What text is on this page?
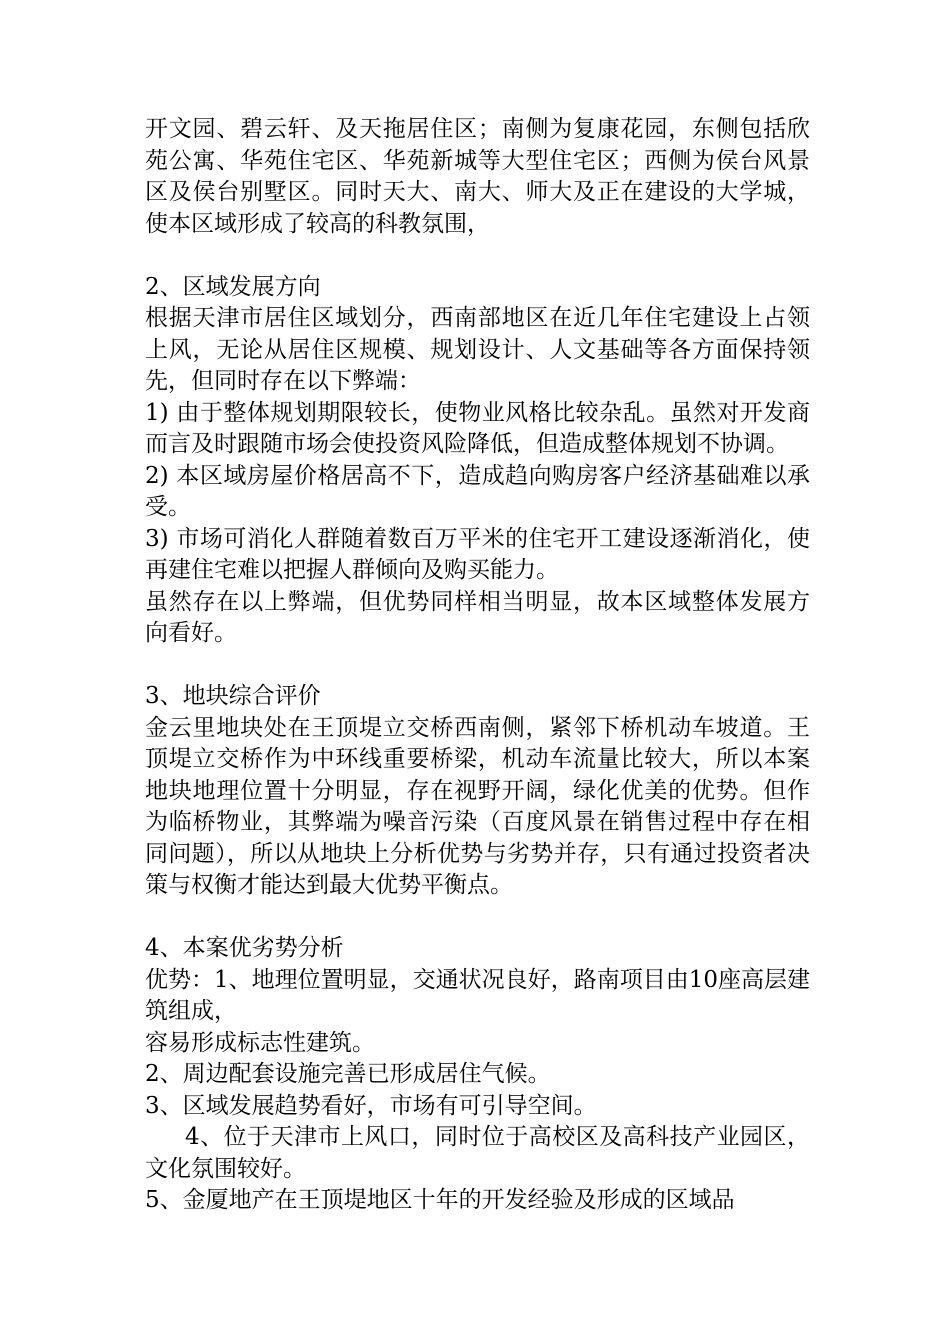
开文园、碧云轩、及天拖居住区；南侧为复康花园，东侧包括欣苑公寓、华苑住宅区、华苑新城等大型住宅区；西侧为侯台风景区及侯台别墅区。同时天大、南大、师大及正在建设的大学城，使本区域形成了较高的科教氛围，

2、区域发展方向

根据天津市居住区域划分，西南部地区在近几年住宅建设上占领上风，无论从居住区规模、规划设计、人文基础等各方面保持领先，但同时存在以下弊端：

1) 由于整体规划期限较长，使物业风格比较杂乱。虽然对开发商而言及时跟随市场会使投资风险降低，但造成整体规划不协调。

2) 本区域房屋价格居高不下，造成趋向购房客户经济基础难以承受。

3) 市场可消化人群随着数百万平米的住宅开工建设逐渐消化，使再建住宅难以把握人群倾向及购买能力。

虽然存在以上弊端，但优势同样相当明显，故本区域整体发展方向看好。

3、地块综合评价

金云里地块处在王顶堤立交桥西南侧，紧邻下桥机动车坡道。王顶堤立交桥作为中环线重要桥梁，机动车流量比较大，所以本案地块地理位置十分明显，存在视野开阔，绿化优美的优势。但作为临桥物业，其弊端为噪音污染（百度风景在销售过程中存在相同问题），所以从地块上分析优势与劣势并存，只有通过投资者决策与权衡才能达到最大优势平衡点。

4、本案优劣势分析

优势：1、地理位置明显，交通状况良好，路南项目由10座高层建筑组成，

容易形成标志性建筑。

2、周边配套设施完善已形成居住气候。

3、区域发展趋势看好，市场有可引导空间。

4、位于天津市上风口，同时位于高校区及高科技产业园区，文化氛围较好。

5、金厦地产在王顶堤地区十年的开发经验及形成的区域品
